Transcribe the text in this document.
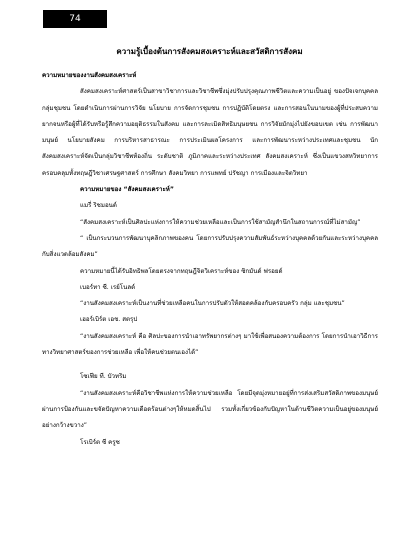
74
ความรู้เบื้องต้นการสังคมสงเคราะห์และสวัสดิการสังคม

ความหมายของงานสังคมสงเคราะห์

สังคมสงเคราะห์ศาสตร์เป็นสาขาวิชาการและวิชาชีพซึ่งมุ่งปรับปรุงคุณภาพชีวิตและความเป็นอยู่ ของปัจเจกบุคคล กลุ่มชุมชน โดยดำเนินการผ่านการวิจัย นโยบาย การจัดการชุมชน การปฏิบัติโดยตรง และการสอนในนามของผู้ที่ประสบความยากจนหรือผู้ที่ได้รับหรือรู้สึกความอยุติธรรมในสังคม และการละเมิดสิทธิมนุษยชน การวิจัยมักมุ่งไปยังขอบเขต เช่น การพัฒนามนุษย์ นโยบายสังคม การบริหารสาธารณะ การประเมินผลโครงการ และการพัฒนาระหว่างประเทศและชุมชน นักสังคมสงเคราะห์จัดเป็นกลุ่มวิชาชีพท้องถิ่น ระดับชาติ ภูมิภาคและระหว่างประเทศ สังคมสงเคราะห์ ซึ่งเป็นแขวงสหวิทยาการ ครอบคลุมทั้งทฤษฎีวิชาเศรษฐศาสตร์ การศึกษา สังคมวิทยา การแพทย์ ปรัชญา การเมืองและจิตวิทยา

ความหมายของ “สังคมสงเคราะห์”

แมรี่ ริชมอนด์

“สังคมสงเคราะห์เป็นศิลปะแห่งการให้ความช่วยเหลือและเป็นการใช้สามัญสำนึกในสถานการณ์ที่ไม่สามัญ”

“ เป็นกระบวนการพัฒนาบุคลิกภาพของคน โดยการปรับปรุงความสัมพันธ์ระหว่างบุคคลด้วยกันและระหว่างบุคคลกับสิ่งแวดล้อมสังคม”

ความหมายนี้ได้รับอิทธิพลโดยตรงจากทฤษฎีจิตวิเคราะห์ของ ซิกมันด์ ฟรอยด์

เบอร์ทา ซี. เรย์โนลด์

“งานสังคมสงเคราะห์เป็นงานที่ช่วยเหลือคนในการปรับตัวให้สอดคล้องกับครอบครัว กลุ่ม และชุมชน”

เฮอร์เบิร์ต เอช. สตรุป

“งานสังคมสงเคราะห์ คือ ศิลปะของการนำเอาทรัพยากรต่างๆ มาใช้เพื่อสนองความต้องการ โดยการนำเอาวิธีการทางวิทยาศาสตร์ของการช่วยเหลือ เพื่อให้คนช่วยตนเองได้”

โซเฟีย ที. บัวทริม

“งานสังคมสงเคราะห์คือวิชาชีพแห่งการให้ความช่วยเหลือ โดยมีจุดมุ่งหมายอยู่ที่การส่งเสริมสวัสดิภาพของมนุษย์ ผ่านการป้องกันและขจัดปัญหาความเดือดร้อนต่างๆให้หมดสิ้นไป รวมทั้งเกี่ยวข้องกับปัญหาในด้านชีวิตความเป็นอยู่ของมนุษย์อย่างกว้างขวาง”

โรเบิร์ต ซี ครูซ
